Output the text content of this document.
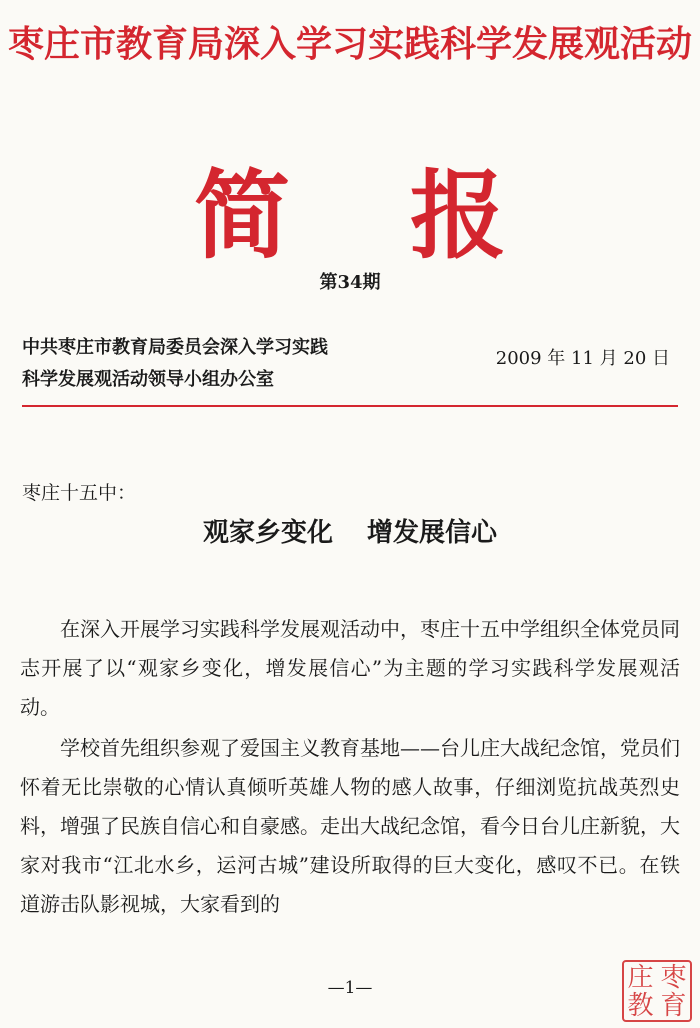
枣庄市教育局深入学习实践科学发展观活动
简报
第34期
中共枣庄市教育局委员会深入学习实践
科学发展观活动领导小组办公室
2009 年 11 月 20 日
枣庄十五中：
观家乡变化 增发展信心

在深入开展学习实践科学发展观活动中，枣庄十五中学组织全体党员同志开展了以“观家乡变化，增发展信心”为主题的学习实践科学发展观活动。

学校首先组织参观了爱国主义教育基地——台儿庄大战纪念馆，党员们怀着无比崇敬的心情认真倾听英雄人物的感人故事，仔细浏览抗战英烈史料，增强了民族自信心和自豪感。走出大战纪念馆，看今日台儿庄新貌，大家对我市“江北水乡，运河古城”建设所取得的巨大变化，感叹不已。在铁道游击队影视城，大家看到的

—1—	庄 枣
教 育
